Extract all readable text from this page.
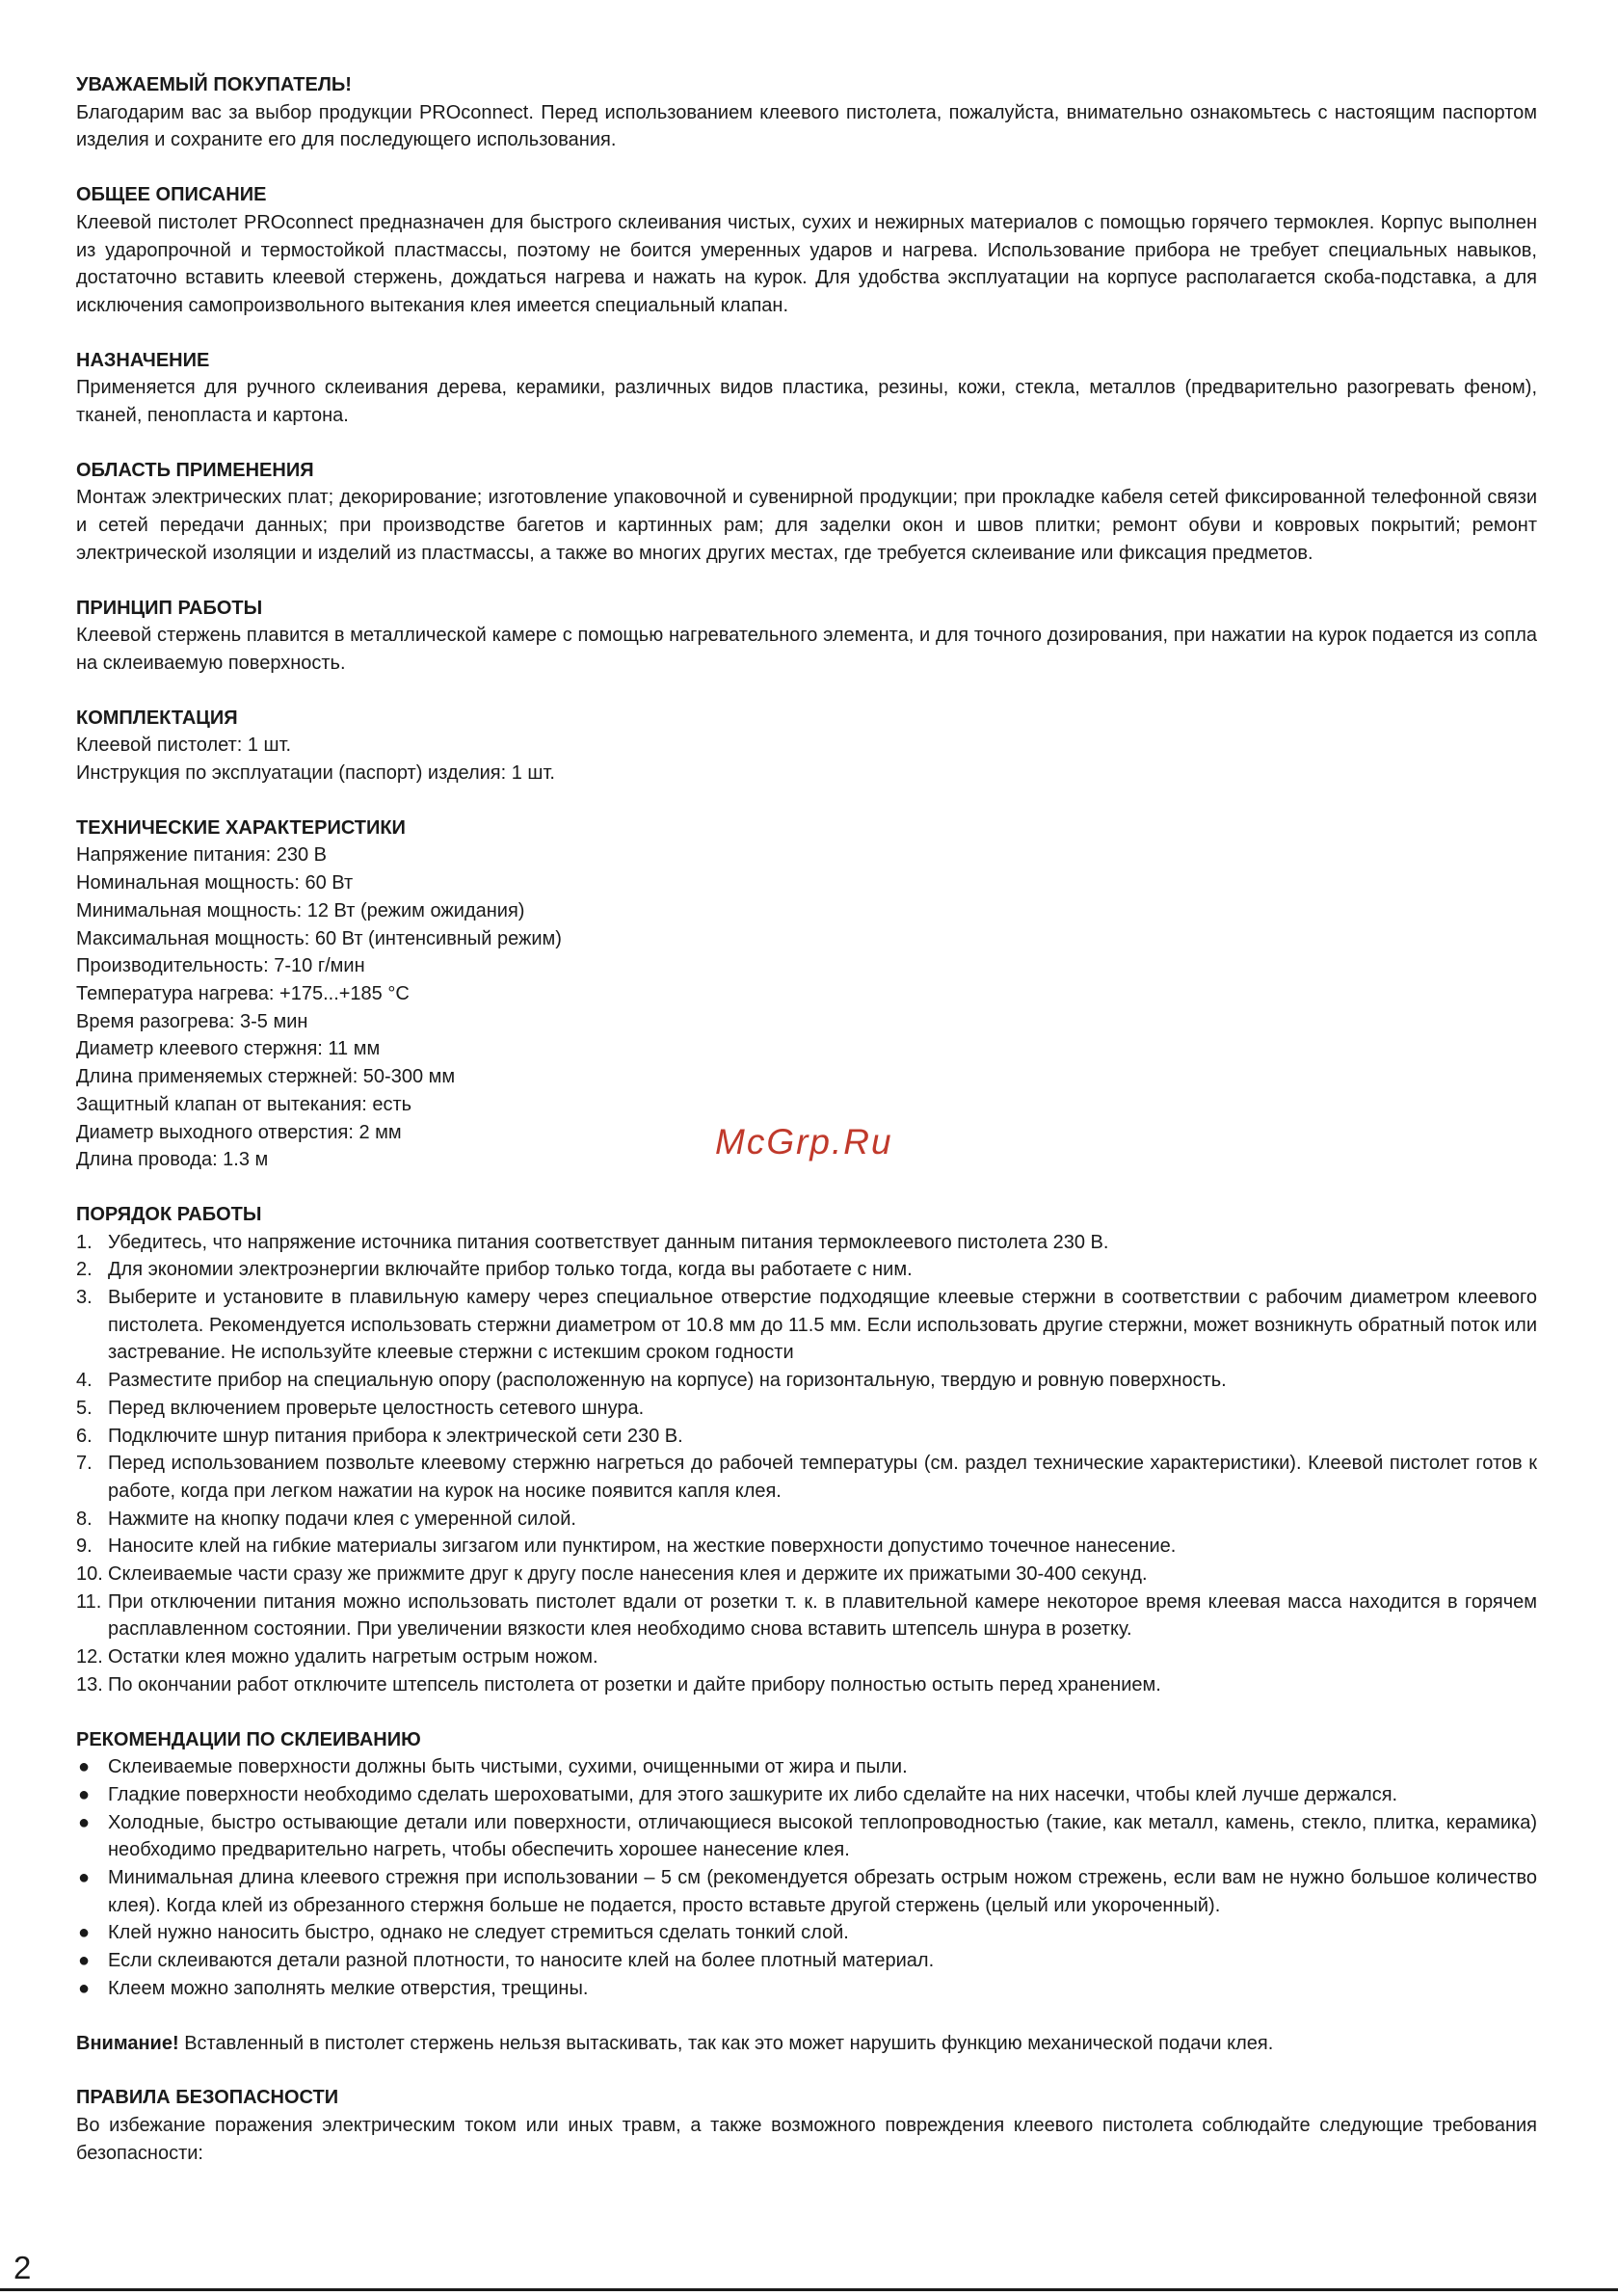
УВАЖАЕМЫЙ ПОКУПАТЕЛЬ!

Благодарим вас за выбор продукции PROconnect. Перед использованием клеевого пистолета, пожалуйста, внимательно ознакомьтесь с настоящим паспортом изделия и сохраните его для последующего использования.

ОБЩЕЕ ОПИСАНИЕ

Клеевой пистолет PROconnect предназначен для быстрого склеивания чистых, сухих и нежирных материалов с помощью горячего термоклея. Корпус выполнен из ударопрочной и термостойкой пластмассы, поэтому не боится умеренных ударов и нагрева. Использование прибора не требует специальных навыков, достаточно вставить клеевой стержень, дождаться нагрева и нажать на курок. Для удобства эксплуатации на корпусе располагается скоба-подставка, а для исключения самопроизвольного вытекания клея имеется специальный клапан.

НАЗНАЧЕНИЕ

Применяется для ручного склеивания дерева, керамики, различных видов пластика, резины, кожи, стекла, металлов (предварительно разогревать феном), тканей, пенопласта и картона.

ОБЛАСТЬ ПРИМЕНЕНИЯ

Монтаж электрических плат; декорирование; изготовление упаковочной и сувенирной продукции; при прокладке кабеля сетей фиксированной телефонной связи и сетей передачи данных; при производстве багетов и картинных рам; для заделки окон и швов плитки; ремонт обуви и ковровых покрытий; ремонт электрической изоляции и изделий из пластмассы, а также во многих других местах, где требуется склеивание или фиксация предметов.

ПРИНЦИП РАБОТЫ

Клеевой стержень плавится в металлической камере с помощью нагревательного элемента, и для точного дозирования, при нажатии на курок подается из сопла на склеиваемую поверхность.

КОМПЛЕКТАЦИЯ

Клеевой пистолет: 1 шт.

Инструкция по эксплуатации (паспорт) изделия: 1 шт.

ТЕХНИЧЕСКИЕ ХАРАКТЕРИСТИКИ

Напряжение питания: 230 В

Номинальная мощность: 60 Вт

Минимальная мощность: 12 Вт (режим ожидания)

Максимальная мощность: 60 Вт (интенсивный режим)

Производительность: 7-10 г/мин

Температура нагрева: +175...+185 °С

Время разогрева: 3-5 мин

Диаметр клеевого стержня: 11 мм

Длина применяемых стержней: 50-300 мм

Защитный клапан от вытекания: есть

Диаметр выходного отверстия: 2 мм

Длина провода: 1.3 м

ПОРЯДОК РАБОТЫ

1. Убедитесь, что напряжение источника питания соответствует данным питания термоклеевого пистолета 230 В.
2. Для экономии электроэнергии включайте прибор только тогда, когда вы работаете с ним.
3. Выберите и установите в плавильную камеру через специальное отверстие подходящие клеевые стержни в соответствии с рабочим диаметром клеевого пистолета. Рекомендуется использовать стержни диаметром от 10.8 мм до 11.5 мм. Если использовать другие стержни, может возникнуть обратный поток или застревание. Не используйте клеевые стержни с истекшим сроком годности
4. Разместите прибор на специальную опору (расположенную на корпусе) на горизонтальную, твердую и ровную поверхность.
5. Перед включением проверьте целостность сетевого шнура.
6. Подключите шнур питания прибора к электрической сети 230 В.
7. Перед использованием позвольте клеевому стержню нагреться до рабочей температуры (см. раздел технические характеристики). Клеевой пистолет готов к работе, когда при легком нажатии на курок на носике появится капля клея.
8. Нажмите на кнопку подачи клея с умеренной силой.
9. Наносите клей на гибкие материалы зигзагом или пунктиром, на жесткие поверхности допустимо точечное нанесение.
10. Склеиваемые части сразу же прижмите друг к другу после нанесения клея и держите их прижатыми 30-400 секунд.
11. При отключении питания можно использовать пистолет вдали от розетки т. к. в плавительной камере некоторое время клеевая масса находится в горячем расплавленном состоянии. При увеличении вязкости клея необходимо снова вставить штепсель шнура в розетку.
12. Остатки клея можно удалить нагретым острым ножом.
13. По окончании работ отключите штепсель пистолета от розетки и дайте прибору полностью остыть перед хранением.

РЕКОМЕНДАЦИИ ПО СКЛЕИВАНИЮ

● Склеиваемые поверхности должны быть чистыми, сухими, очищенными от жира и пыли.
● Гладкие поверхности необходимо сделать шероховатыми, для этого зашкурите их либо сделайте на них насечки, чтобы клей лучше держался.
● Холодные, быстро остывающие детали или поверхности, отличающиеся высокой теплопроводностью (такие, как металл, камень, стекло, плитка, керамика) необходимо предварительно нагреть, чтобы обеспечить хорошее нанесение клея.
● Минимальная длина клеевого стрежня при использовании – 5 см (рекомендуется обрезать острым ножом стрежень, если вам не нужно большое количество клея). Когда клей из обрезанного стержня больше не подается, просто вставьте другой стержень (целый или укороченный).
● Клей нужно наносить быстро, однако не следует стремиться сделать тонкий слой.
● Если склеиваются детали разной плотности, то наносите клей на более плотный материал.
● Клеем можно заполнять мелкие отверстия, трещины.

Внимание! Вставленный в пистолет стержень нельзя вытаскивать, так как это может нарушить функцию механической подачи клея.

ПРАВИЛА БЕЗОПАСНОСТИ

Во избежание поражения электрическим током или иных травм, а также возможного повреждения клеевого пистолета соблюдайте следующие требования безопасности:

McGrp.Ru
2
